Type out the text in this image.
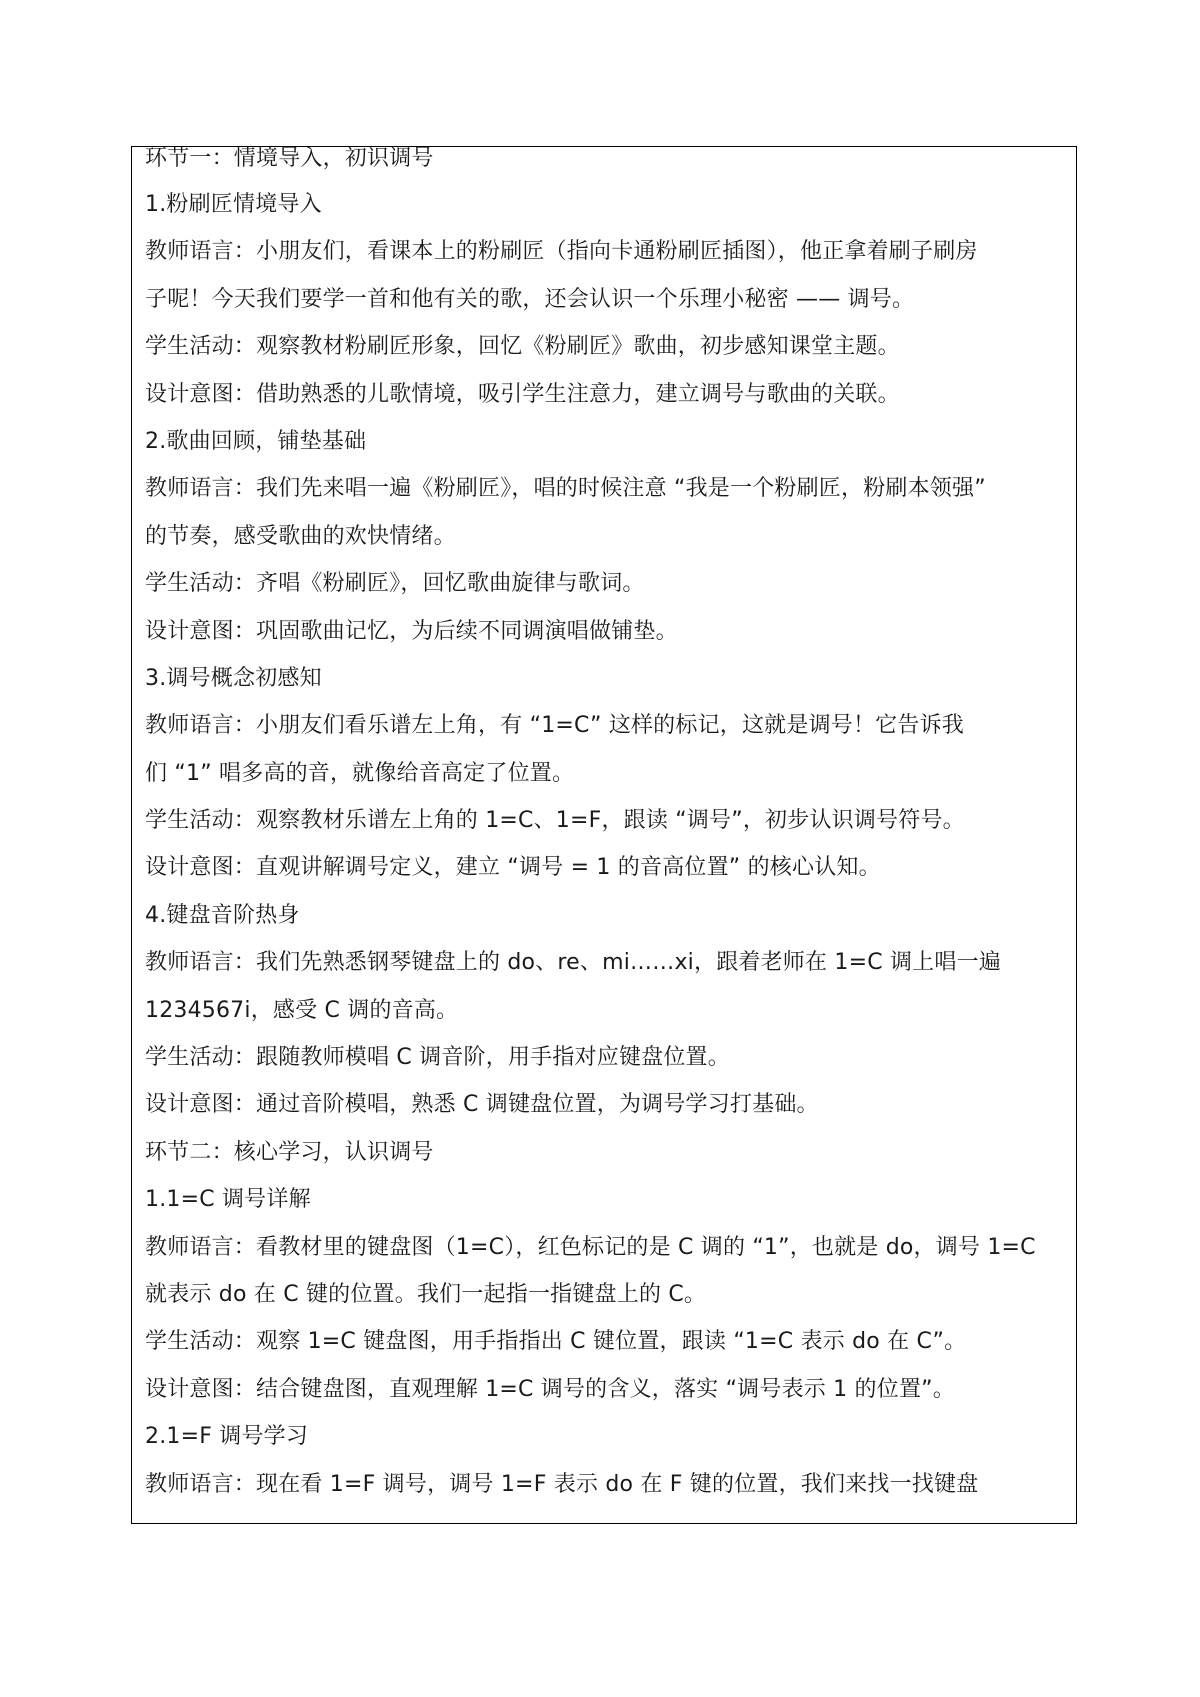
环节一：情境导入，初识调号
1.粉刷匠情境导入
教师语言：小朋友们，看课本上的粉刷匠（指向卡通粉刷匠插图），他正拿着刷子刷房
子呢！今天我们要学一首和他有关的歌，还会认识一个乐理小秘密 —— 调号。
学生活动：观察教材粉刷匠形象，回忆《粉刷匠》歌曲，初步感知课堂主题。
设计意图：借助熟悉的儿歌情境，吸引学生注意力，建立调号与歌曲的关联。
2.歌曲回顾，铺垫基础
教师语言：我们先来唱一遍《粉刷匠》，唱的时候注意 “我是一个粉刷匠，粉刷本领强”
的节奏，感受歌曲的欢快情绪。
学生活动：齐唱《粉刷匠》，回忆歌曲旋律与歌词。
设计意图：巩固歌曲记忆，为后续不同调演唱做铺垫。
3.调号概念初感知
教师语言：小朋友们看乐谱左上角，有 “1=C” 这样的标记，这就是调号！它告诉我
们 “1” 唱多高的音，就像给音高定了位置。
学生活动：观察教材乐谱左上角的 1=C、1=F，跟读 “调号”，初步认识调号符号。
设计意图：直观讲解调号定义，建立 “调号 = 1 的音高位置” 的核心认知。
4.键盘音阶热身
教师语言：我们先熟悉钢琴键盘上的 do、re、mi……xi，跟着老师在 1=C 调上唱一遍
1234567i，感受 C 调的音高。
学生活动：跟随教师模唱 C 调音阶，用手指对应键盘位置。
设计意图：通过音阶模唱，熟悉 C 调键盘位置，为调号学习打基础。
环节二：核心学习，认识调号
1.1=C 调号详解
教师语言：看教材里的键盘图（1=C），红色标记的是 C 调的 “1”，也就是 do，调号 1=C
就表示 do 在 C 键的位置。我们一起指一指键盘上的 C。
学生活动：观察 1=C 键盘图，用手指指出 C 键位置，跟读 “1=C 表示 do 在 C”。
设计意图：结合键盘图，直观理解 1=C 调号的含义，落实 “调号表示 1 的位置”。
2.1=F 调号学习
教师语言：现在看 1=F 调号，调号 1=F 表示 do 在 F 键的位置，我们来找一找键盘
